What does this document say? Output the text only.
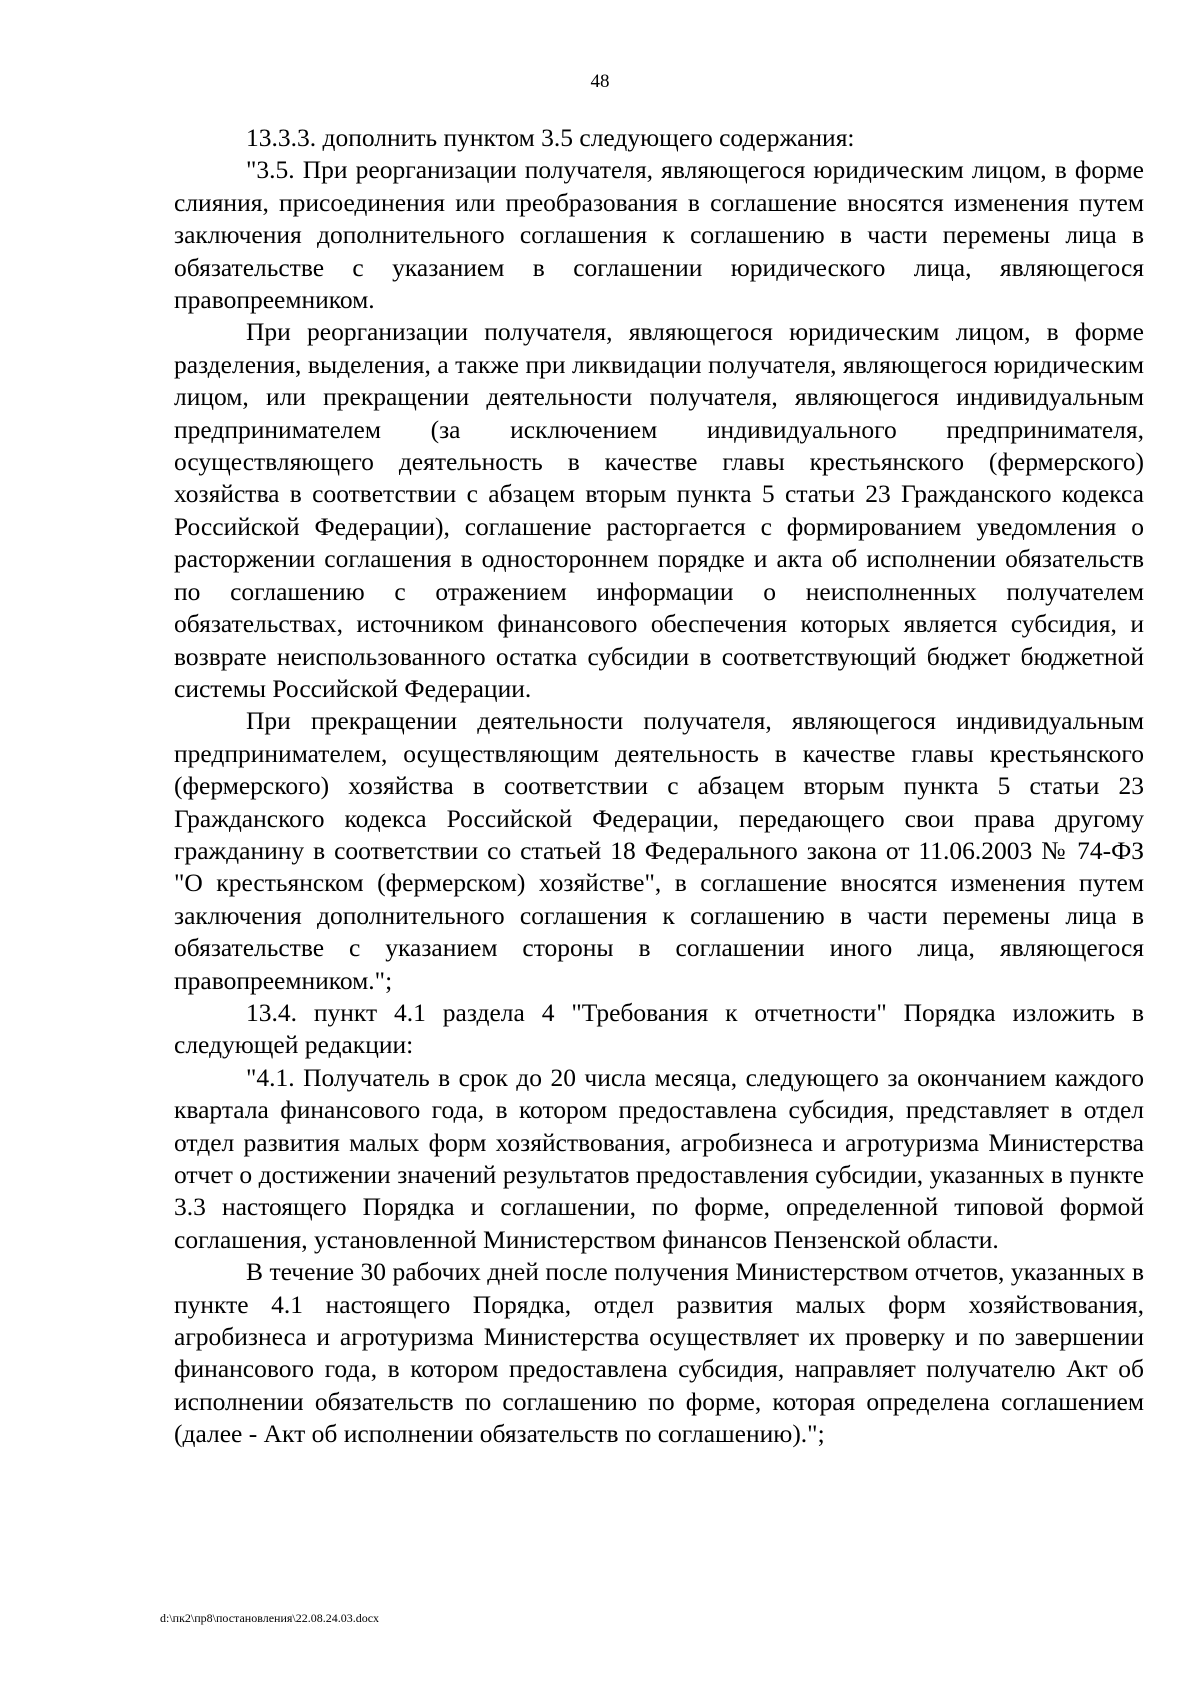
48

13.3.3. дополнить пунктом 3.5 следующего содержания:

"3.5. При реорганизации получателя, являющегося юридическим лицом, в форме слияния, присоединения или преобразования в соглашение вносятся изменения путем заключения дополнительного соглашения к соглашению в части перемены лица в обязательстве с указанием в соглашении юридического лица, являющегося правопреемником.

При реорганизации получателя, являющегося юридическим лицом, в форме разделения, выделения, а также при ликвидации получателя, являющегося юридическим лицом, или прекращении деятельности получателя, являющегося индивидуальным предпринимателем (за исключением индивидуального предпринимателя, осуществляющего деятельность в качестве главы крестьянского (фермерского) хозяйства в соответствии с абзацем вторым пункта 5 статьи 23 Гражданского кодекса Российской Федерации), соглашение расторгается с формированием уведомления о расторжении соглашения в одностороннем порядке и акта об исполнении обязательств по соглашению с отражением информации о неисполненных получателем обязательствах, источником финансового обеспечения которых является субсидия, и возврате неиспользованного остатка субсидии в соответствующий бюджет бюджетной системы Российской Федерации.

При прекращении деятельности получателя, являющегося индивидуальным предпринимателем, осуществляющим деятельность в качестве главы крестьянского (фермерского) хозяйства в соответствии с абзацем вторым пункта 5 статьи 23 Гражданского кодекса Российской Федерации, передающего свои права другому гражданину в соответствии со статьей 18 Федерального закона от 11.06.2003 № 74-ФЗ "О крестьянском (фермерском) хозяйстве", в соглашение вносятся изменения путем заключения дополнительного соглашения к соглашению в части перемены лица в обязательстве с указанием стороны в соглашении иного лица, являющегося правопреемником.";

13.4. пункт 4.1 раздела 4 "Требования к отчетности" Порядка изложить в следующей редакции:

"4.1. Получатель в срок до 20 числа месяца, следующего за окончанием каждого квартала финансового года, в котором предоставлена субсидия, представляет в отдел отдел развития малых форм хозяйствования, агробизнеса и агротуризма Министерства отчет о достижении значений результатов предоставления субсидии, указанных в пункте 3.3 настоящего Порядка и соглашении, по форме, определенной типовой формой соглашения, установленной Министерством финансов Пензенской области.

В течение 30 рабочих дней после получения Министерством отчетов, указанных в пункте 4.1 настоящего Порядка, отдел развития малых форм хозяйствования, агробизнеса и агротуризма Министерства осуществляет их проверку и по завершении финансового года, в котором предоставлена субсидия, направляет получателю Акт об исполнении обязательств по соглашению по форме, которая определена соглашением (далее - Акт об исполнении обязательств по соглашению).";

d:\пк2\пр8\постановления\22.08.24.03.docx
